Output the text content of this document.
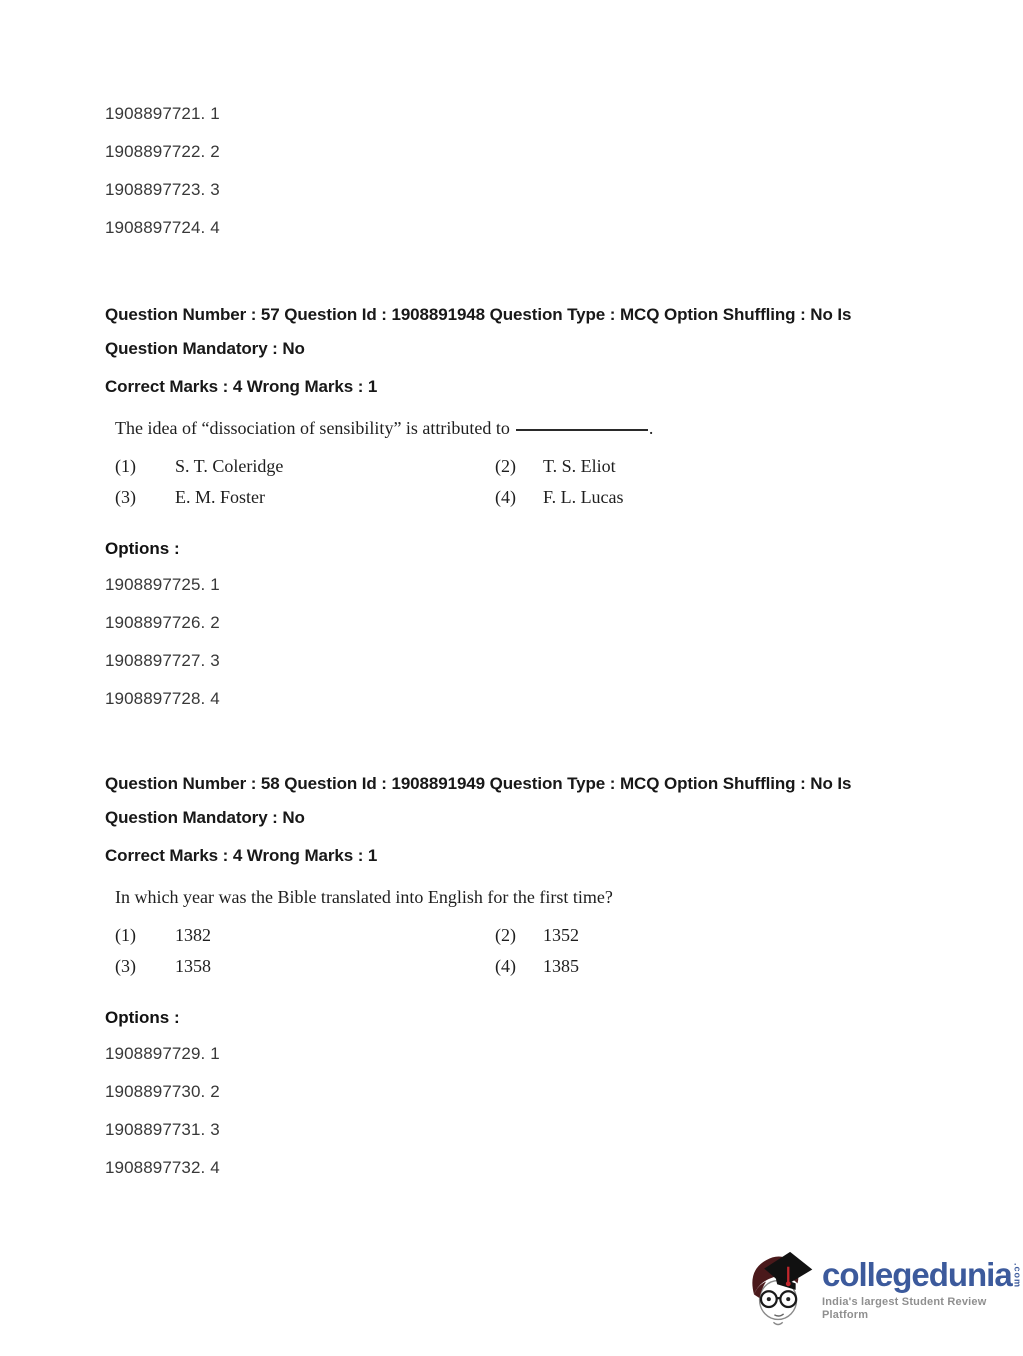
1908897721. 1

1908897722. 2

1908897723. 3

1908897724. 4

Question Number : 57 Question Id : 1908891948 Question Type : MCQ Option Shuffling : No Is

Question Mandatory : No

Correct Marks : 4 Wrong Marks : 1

The idea of “dissociation of sensibility” is attributed to	.

(1)	S. T. Coleridge	(2)	T. S. Eliot
(3)	E. M. Foster	(4)	F. L. Lucas

Options :

1908897725. 1

1908897726. 2

1908897727. 3

1908897728. 4

Question Number : 58 Question Id : 1908891949 Question Type : MCQ Option Shuffling : No Is

Question Mandatory : No

Correct Marks : 4 Wrong Marks : 1

In which year was the Bible translated into English for the first time?

(1)	1382	(2)	1352
(3)	1358	(4)	1385

Options :

1908897729. 1

1908897730. 2

1908897731. 3

1908897732. 4

collegedunia .com
India's largest Student Review Platform
